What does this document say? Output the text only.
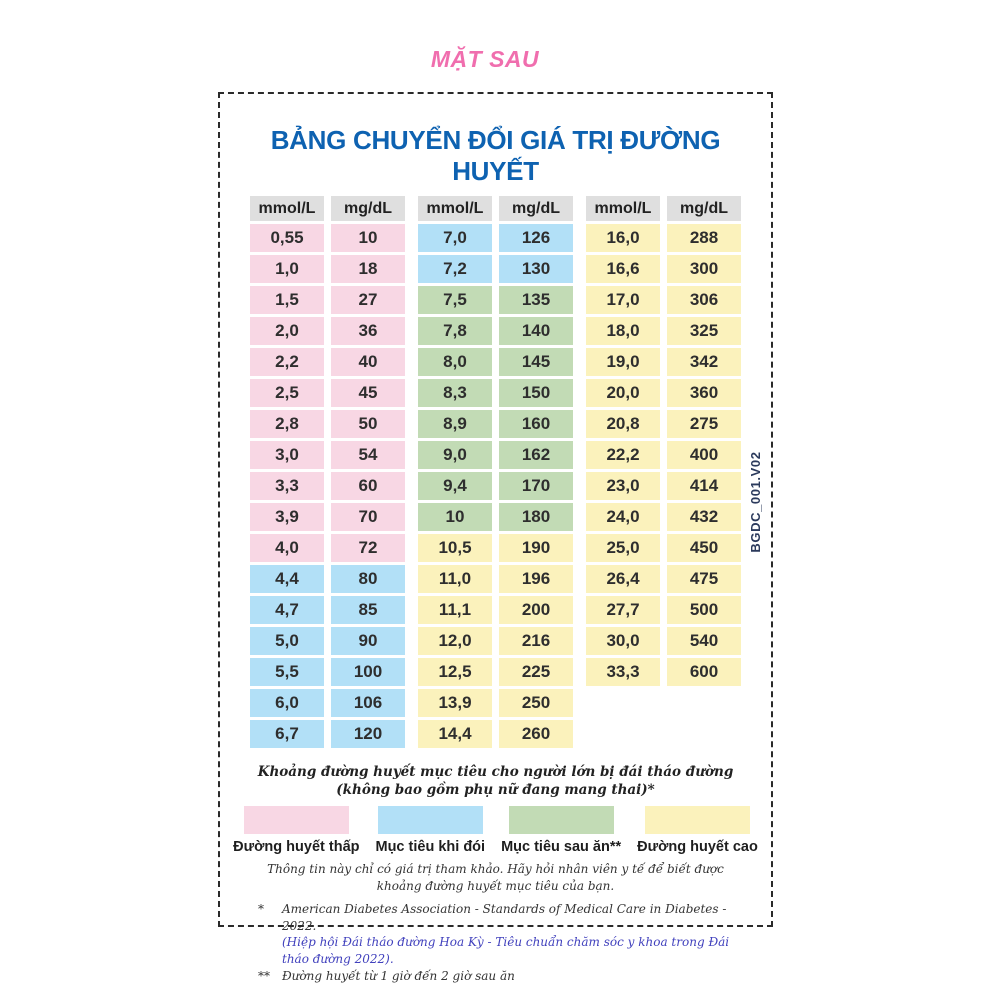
MẶT SAU
BẢNG CHUYỂN ĐỔI GIÁ TRỊ ĐƯỜNG HUYẾT
mmol/L	mg/dL
0,55	10
1,0	18
1,5	27
2,0	36
2,2	40
2,5	45
2,8	50
3,0	54
3,3	60
3,9	70
4,0	72
4,4	80
4,7	85
5,0	90
5,5	100
6,0	106
6,7	120
mmol/L	mg/dL
7,0	126
7,2	130
7,5	135
7,8	140
8,0	145
8,3	150
8,9	160
9,0	162
9,4	170
10	180
10,5	190
11,0	196
11,1	200
12,0	216
12,5	225
13,9	250
14,4	260
mmol/L	mg/dL
16,0	288
16,6	300
17,0	306
18,0	325
19,0	342
20,0	360
20,8	275
22,2	400
23,0	414
24,0	432
25,0	450
26,4	475
27,7	500
30,0	540
33,3	600
BGDC_001.V02
Khoảng đường huyết mục tiêu cho người lớn bị đái tháo đường
(không bao gồm phụ nữ đang mang thai)*
Đường huyết thấp Mục tiêu khi đói Mục tiêu sau ăn** Đường huyết cao
Thông tin này chỉ có giá trị tham khảo. Hãy hỏi nhân viên y tế để biết được
khoảng đường huyết mục tiêu của bạn.
*	American Diabetes Association - Standards of Medical Care in Diabetes - 2022.
(Hiệp hội Đái tháo đường Hoa Kỳ - Tiêu chuẩn chăm sóc y khoa trong Đái tháo đường 2022).
**	Đường huyết từ 1 giờ đến 2 giờ sau ăn
